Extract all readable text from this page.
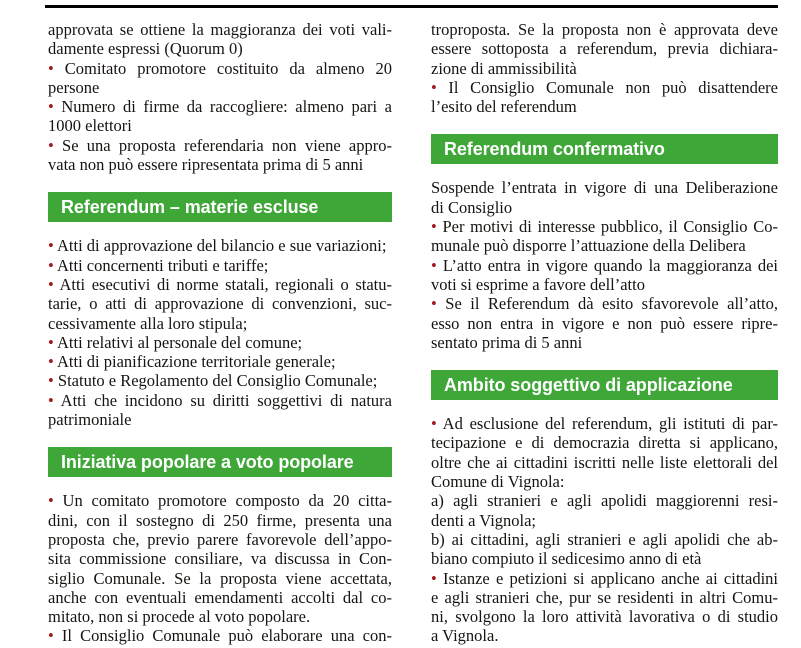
approvata se ottiene la maggioranza dei voti vali-
damente espressi (Quorum 0)
• Comitato promotore costituito da almeno 20
persone
• Numero di firme da raccogliere: almeno pari a
1000 elettori
• Se una proposta referendaria non viene appro-
vata non può essere ripresentata prima di 5 anni
Referendum – materie escluse
• Atti di approvazione del bilancio e sue variazioni;
• Atti concernenti tributi e tariffe;
• Atti esecutivi di norme statali, regionali o statu-
tarie, o atti di approvazione di convenzioni, suc-
cessivamente alla loro stipula;
• Atti relativi al personale del comune;
• Atti di pianificazione territoriale generale;
• Statuto e Regolamento del Consiglio Comunale;
• Atti che incidono su diritti soggettivi di natura
patrimoniale
Iniziativa popolare a voto popolare
• Un comitato promotore composto da 20 citta-
dini, con il sostegno di 250 firme, presenta una
proposta che, previo parere favorevole dell’appo-
sita commissione consiliare, va discussa in Con-
siglio Comunale. Se la proposta viene accettata,
anche con eventuali emendamenti accolti dal co-
mitato, non si procede al voto popolare.
• Il Consiglio Comunale può elaborare una con-
troproposta. Se la proposta non è approvata deve
essere sottoposta a referendum, previa dichiara-
zione di ammissibilità
• Il Consiglio Comunale non può disattendere
l’esito del referendum
Referendum confermativo
Sospende l’entrata in vigore di una Deliberazione
di Consiglio
• Per motivi di interesse pubblico, il Consiglio Co-
munale può disporre l’attuazione della Delibera
• L’atto entra in vigore quando la maggioranza dei
voti si esprime a favore dell’atto
• Se il Referendum dà esito sfavorevole all’atto,
esso non entra in vigore e non può essere ripre-
sentato prima di 5 anni
Ambito soggettivo di applicazione
• Ad esclusione del referendum, gli istituti di par-
tecipazione e di democrazia diretta si applicano,
oltre che ai cittadini iscritti nelle liste elettorali del
Comune di Vignola:
a) agli stranieri e agli apolidi maggiorenni resi-
denti a Vignola;
b) ai cittadini, agli stranieri e agli apolidi che ab-
biano compiuto il sedicesimo anno di età
• Istanze e petizioni si applicano anche ai cittadini
e agli stranieri che, pur se residenti in altri Comu-
ni, svolgono la loro attività lavorativa o di studio
a Vignola.
